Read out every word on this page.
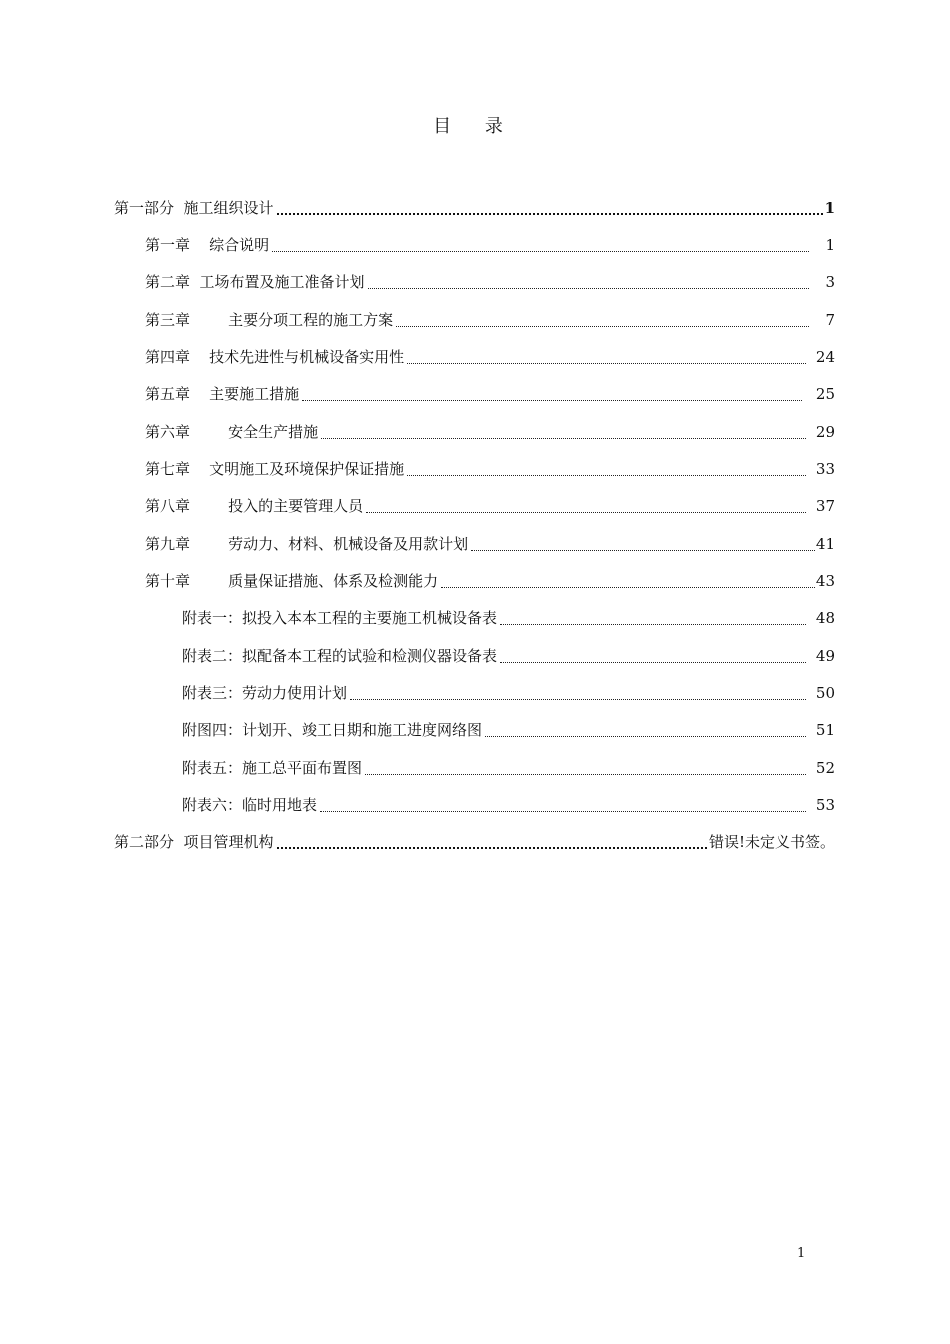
目 录
第一部分  施工组织设计	1
第一章    综合说明	1
第二章  工场布置及施工准备计划	3
第三章        主要分项工程的施工方案	7
第四章    技术先进性与机械设备实用性	24
第五章    主要施工措施	25
第六章        安全生产措施	29
第七章    文明施工及环境保护保证措施	33
第八章        投入的主要管理人员	37
第九章        劳动力、材料、机械设备及用款计划	41
第十章        质量保证措施、体系及检测能力	43
附表一：拟投入本本工程的主要施工机械设备表	48
附表二：拟配备本工程的试验和检测仪器设备表	49
附表三：劳动力使用计划	50
附图四：计划开、竣工日期和施工进度网络图	51
附表五：施工总平面布置图	52
附表六：临时用地表	53
第二部分  项目管理机构	错误!未定义书签。
1
